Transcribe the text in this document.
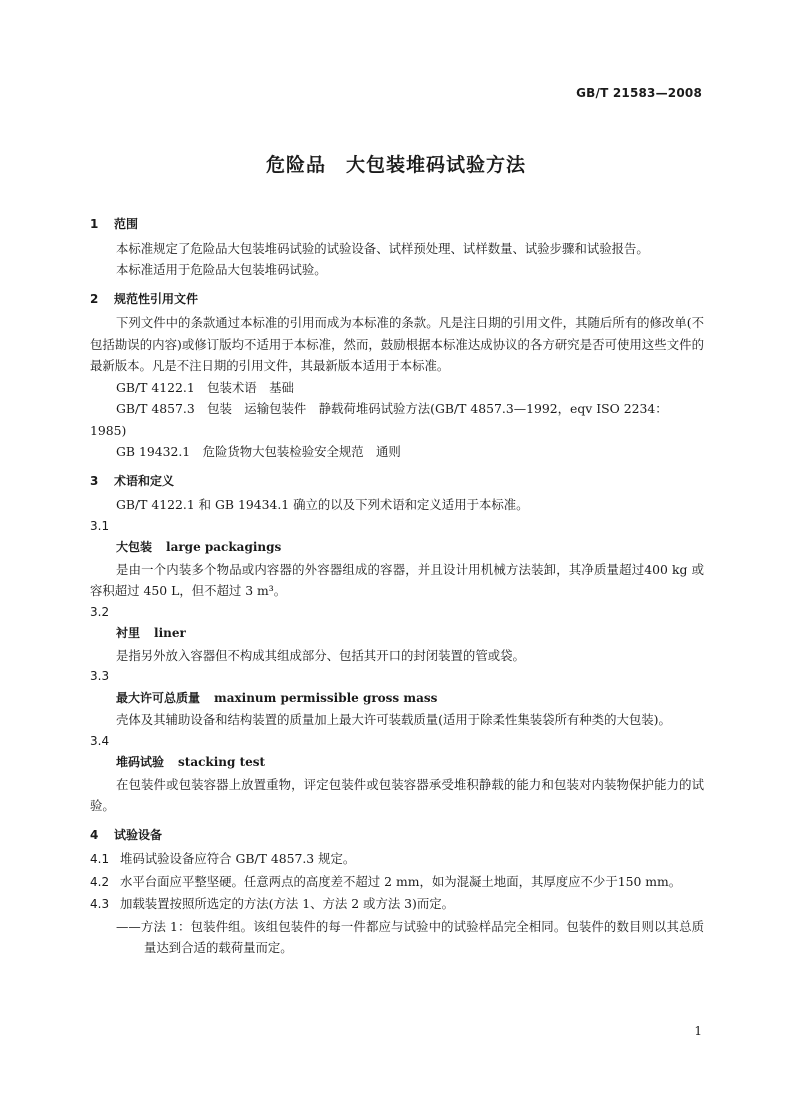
GB/T 21583—2008
危险品　大包装堆码试验方法
1 范围
本标准规定了危险品大包装堆码试验的试验设备、试样预处理、试样数量、试验步骤和试验报告。
本标准适用于危险品大包装堆码试验。
2 规范性引用文件
下列文件中的条款通过本标准的引用而成为本标准的条款。凡是注日期的引用文件，其随后所有的修改单(不包括勘误的内容)或修订版均不适用于本标准，然而，鼓励根据本标准达成协议的各方研究是否可使用这些文件的最新版本。凡是不注日期的引用文件，其最新版本适用于本标准。
GB/T 4122.1　包装术语　基础
GB/T 4857.3　包装　运输包装件　静载荷堆码试验方法(GB/T 4857.3—1992，eqv ISO 2234：
1985)
GB 19432.1　危险货物大包装检验安全规范　通则
3 术语和定义
GB/T 4122.1 和 GB 19434.1 确立的以及下列术语和定义适用于本标准。
3.1
大包装 large packagings
是由一个内装多个物品或内容器的外容器组成的容器，并且设计用机械方法装卸，其净质量超过400 kg 或容积超过 450 L，但不超过 3 m³。
3.2
衬里 liner
是指另外放入容器但不构成其组成部分、包括其开口的封闭装置的管或袋。
3.3
最大许可总质量 maxinum permissible gross mass
壳体及其辅助设备和结构装置的质量加上最大许可装载质量(适用于除柔性集装袋所有种类的大包装)。
3.4
堆码试验 stacking test
在包装件或包装容器上放置重物，评定包装件或包装容器承受堆积静载的能力和包装对内装物保护能力的试验。
4 试验设备
4.1 堆码试验设备应符合 GB/T 4857.3 规定。
4.2 水平台面应平整坚硬。任意两点的高度差不超过 2 mm，如为混凝土地面，其厚度应不少于150 mm。
4.3 加载装置按照所选定的方法(方法 1、方法 2 或方法 3)而定。
——方法 1：包装件组。该组包装件的每一件都应与试验中的试验样品完全相同。包装件的数目则以其总质量达到合适的载荷量而定。
1
